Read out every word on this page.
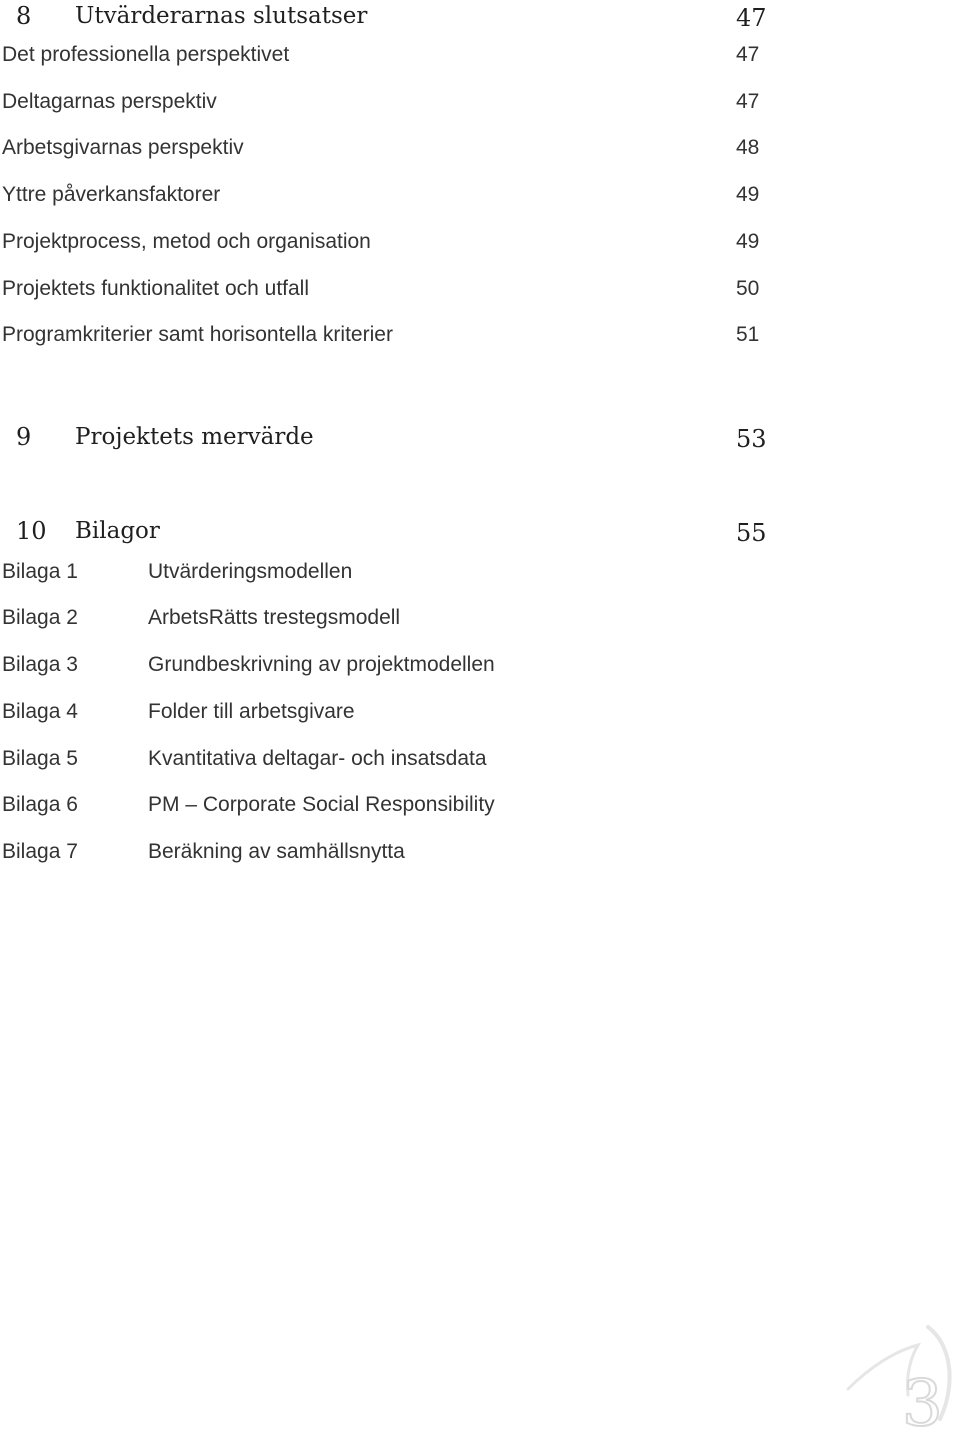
8 Utvärderarnas slutsatser	47
Det professionella perspektivet	47
Deltagarnas perspektiv	47
Arbetsgivarnas perspektiv	48
Yttre påverkansfaktorer	49
Projektprocess, metod och organisation	49
Projektets funktionalitet och utfall	50
Programkriterier samt horisontella kriterier	51
9 Projektets mervärde	53
10 Bilagor	55
Bilaga 1	Utvärderingsmodellen
Bilaga 2	ArbetsRätts trestegsmodell
Bilaga 3	Grundbeskrivning av projektmodellen
Bilaga 4	Folder till arbetsgivare
Bilaga 5	Kvantitativa deltagar- och insatsdata
Bilaga 6	PM – Corporate Social Responsibility
Bilaga 7	Beräkning av samhällsnytta
3
